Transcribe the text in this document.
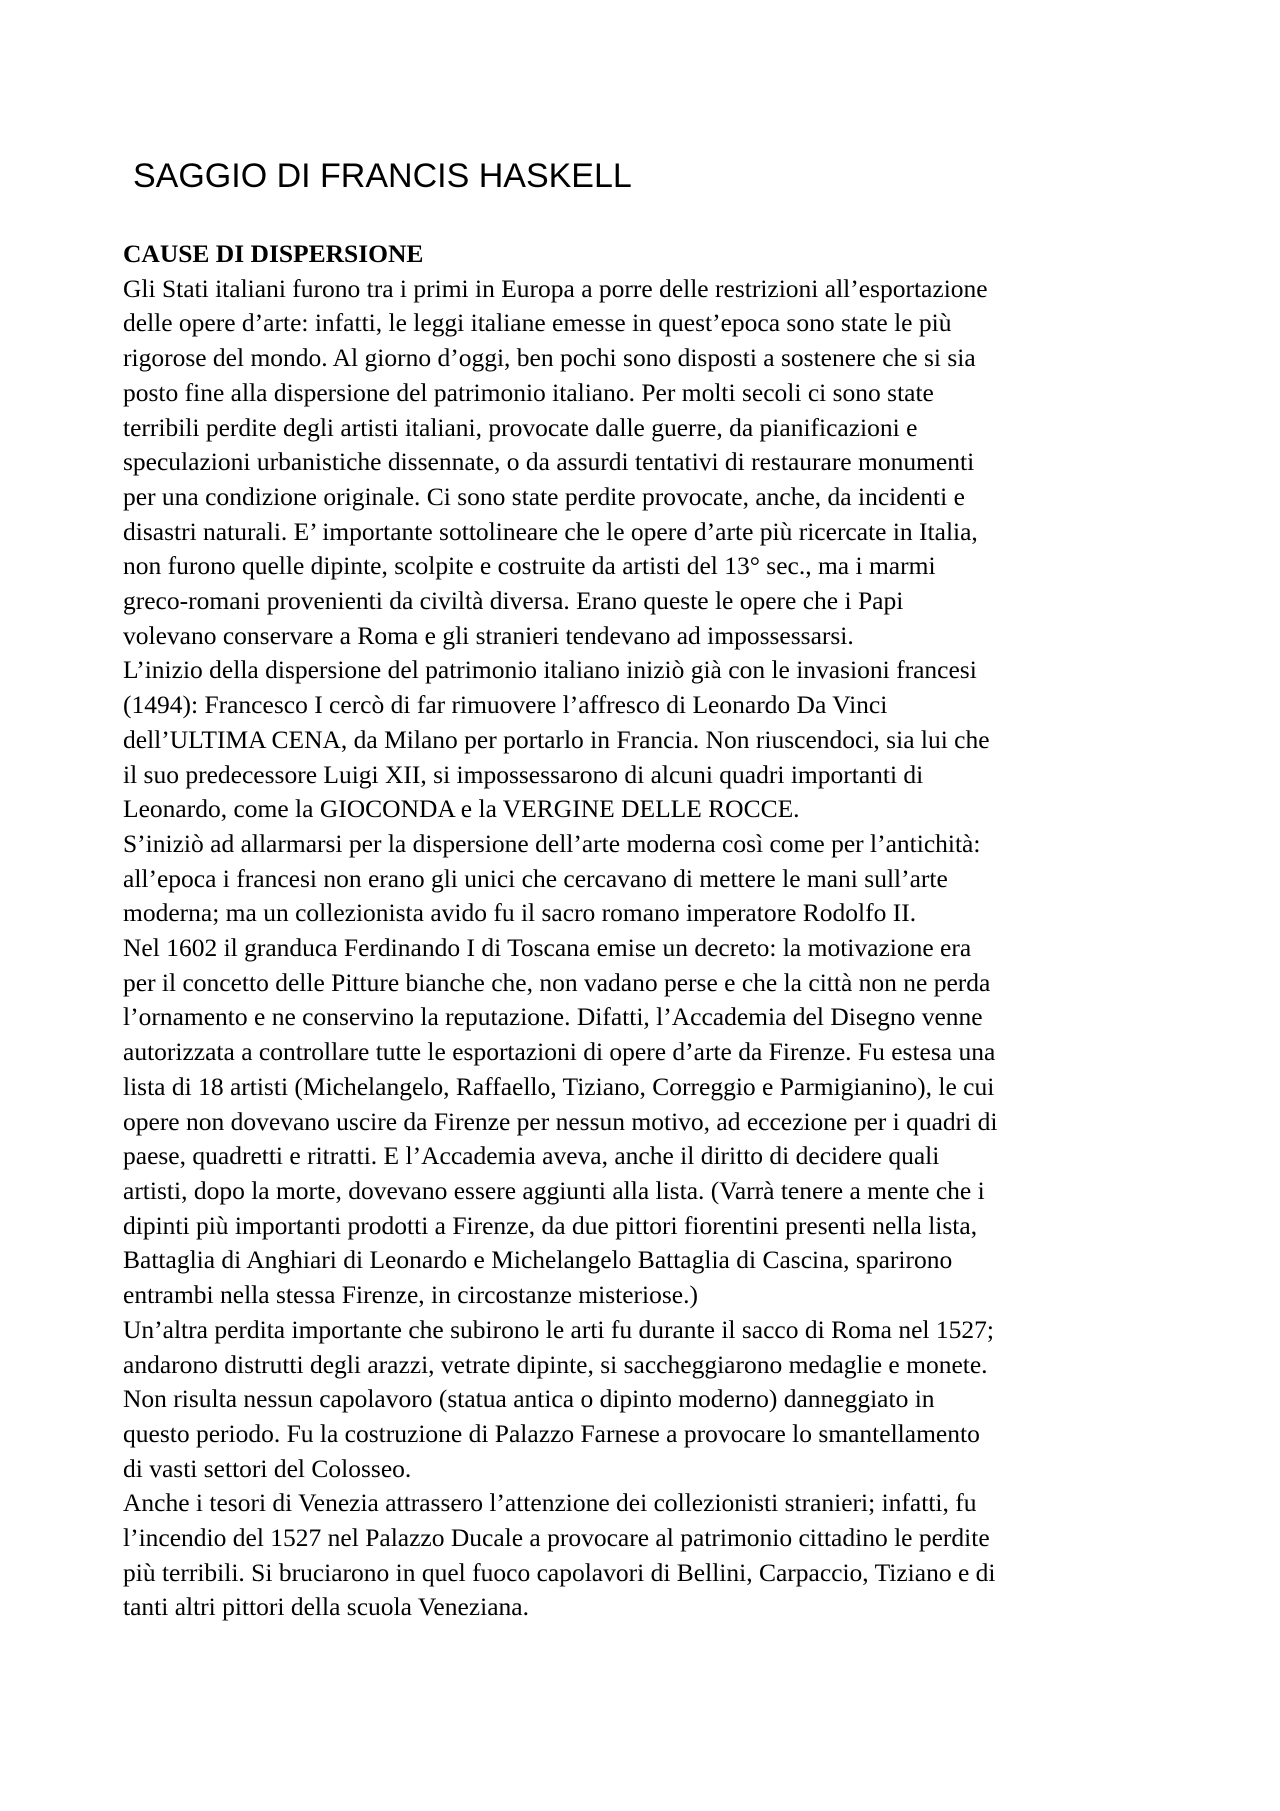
SAGGIO DI FRANCIS HASKELL
CAUSE DI DISPERSIONE

Gli Stati italiani furono tra i primi in Europa a porre delle restrizioni all’esportazione
delle opere d’arte: infatti, le leggi italiane emesse in quest’epoca sono state le più
rigorose del mondo. Al giorno d’oggi, ben pochi sono disposti a sostenere che si sia
posto fine alla dispersione del patrimonio italiano. Per molti secoli ci sono state
terribili perdite degli artisti italiani, provocate dalle guerre, da pianificazioni e
speculazioni urbanistiche dissennate, o da assurdi tentativi di restaurare monumenti
per una condizione originale. Ci sono state perdite provocate, anche, da incidenti e
disastri naturali. E’ importante sottolineare che le opere d’arte più ricercate in Italia,
non furono quelle dipinte, scolpite e costruite da artisti del 13° sec., ma i marmi
greco-romani provenienti da civiltà diversa. Erano queste le opere che i Papi
volevano conservare a Roma e gli stranieri tendevano ad impossessarsi.

L’inizio della dispersione del patrimonio italiano iniziò già con le invasioni francesi
(1494): Francesco I cercò di far rimuovere l’affresco di Leonardo Da Vinci
dell’ULTIMA CENA, da Milano per portarlo in Francia. Non riuscendoci, sia lui che
il suo predecessore Luigi XII, si impossessarono di alcuni quadri importanti di
Leonardo, come la GIOCONDA e la VERGINE DELLE ROCCE.

S’iniziò ad allarmarsi per la dispersione dell’arte moderna così come per l’antichità:
all’epoca i francesi non erano gli unici che cercavano di mettere le mani sull’arte
moderna; ma un collezionista avido fu il sacro romano imperatore Rodolfo II.

Nel 1602 il granduca Ferdinando I di Toscana emise un decreto: la motivazione era
per il concetto delle Pitture bianche che, non vadano perse e che la città non ne perda
l’ornamento e ne conservino la reputazione. Difatti, l’Accademia del Disegno venne
autorizzata a controllare tutte le esportazioni di opere d’arte da Firenze. Fu estesa una
lista di 18 artisti (Michelangelo, Raffaello, Tiziano, Correggio e Parmigianino), le cui
opere non dovevano uscire da Firenze per nessun motivo, ad eccezione per i quadri di
paese, quadretti e ritratti. E l’Accademia aveva, anche il diritto di decidere quali
artisti, dopo la morte, dovevano essere aggiunti alla lista. (Varrà tenere a mente che i
dipinti più importanti prodotti a Firenze, da due pittori fiorentini presenti nella lista,
Battaglia di Anghiari di Leonardo e Michelangelo Battaglia di Cascina, sparirono
entrambi nella stessa Firenze, in circostanze misteriose.)

Un’altra perdita importante che subirono le arti fu durante il sacco di Roma nel 1527;
andarono distrutti degli arazzi, vetrate dipinte, si saccheggiarono medaglie e monete.
Non risulta nessun capolavoro (statua antica o dipinto moderno) danneggiato in
questo periodo. Fu la costruzione di Palazzo Farnese a provocare lo smantellamento
di vasti settori del Colosseo.

Anche i tesori di Venezia attrassero l’attenzione dei collezionisti stranieri; infatti, fu
l’incendio del 1527 nel Palazzo Ducale a provocare al patrimonio cittadino le perdite
più terribili. Si bruciarono in quel fuoco capolavori di Bellini, Carpaccio, Tiziano e di
tanti altri pittori della scuola Veneziana.
